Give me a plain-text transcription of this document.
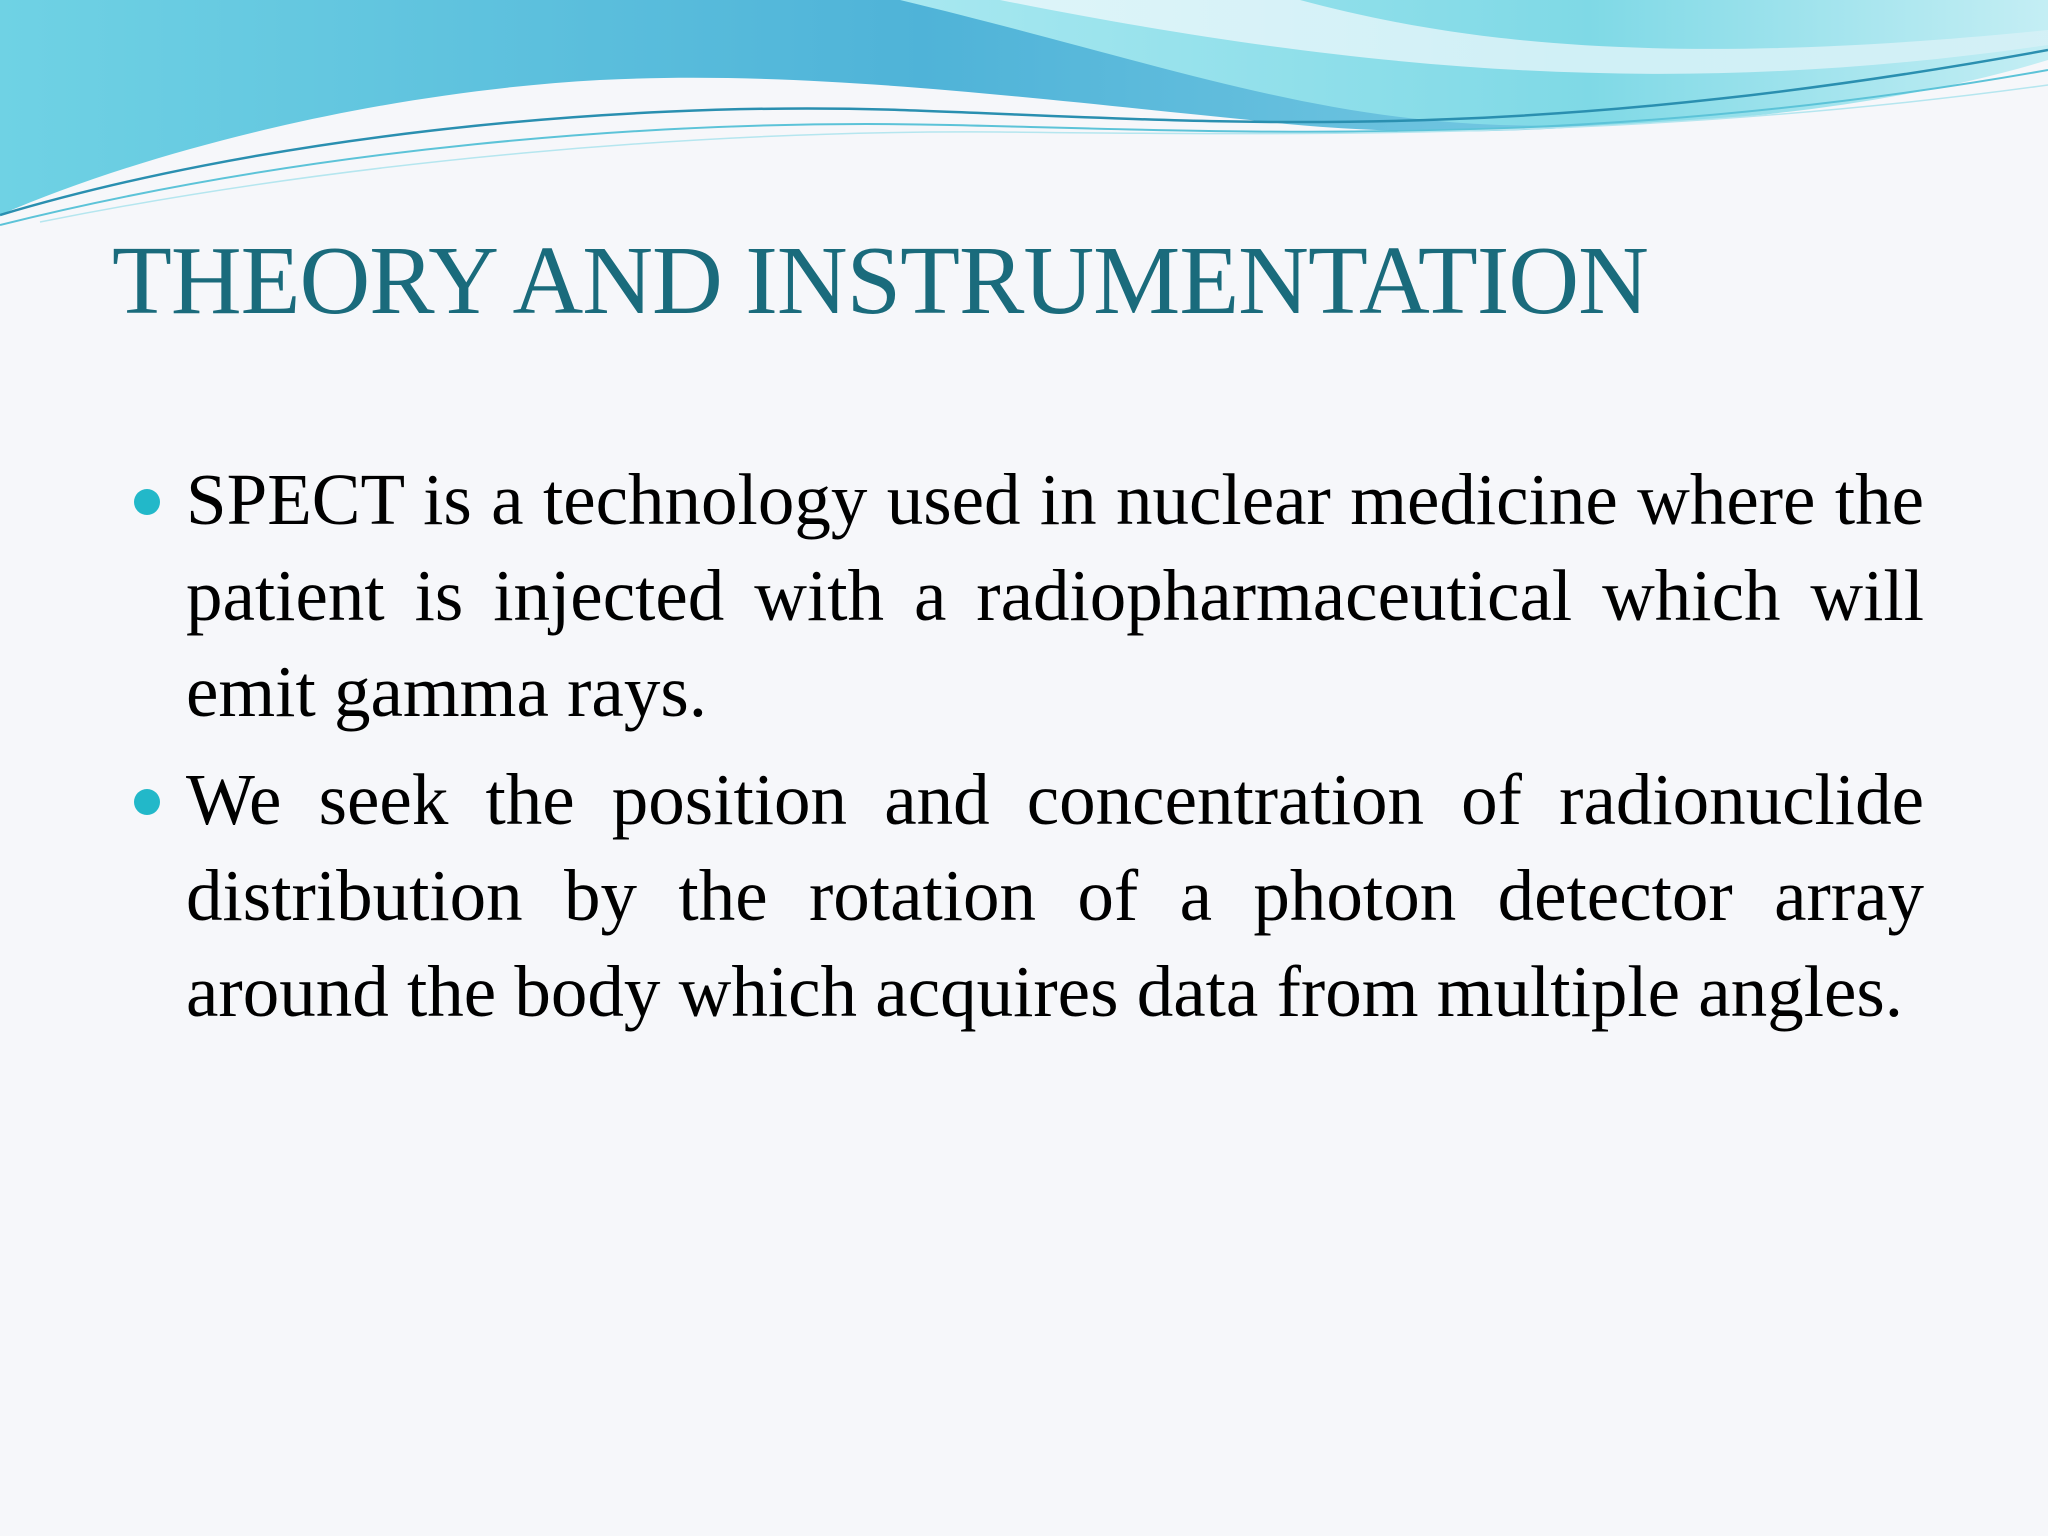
THEORY AND INSTRUMENTATION
SPECT is a technology used in nuclear medicine where the patient is injected with a radiopharmaceutical which will emit gamma rays.
We seek the position and concentration of radionuclide distribution by the rotation of a photon detector array around the body which acquires data from multiple angles.
